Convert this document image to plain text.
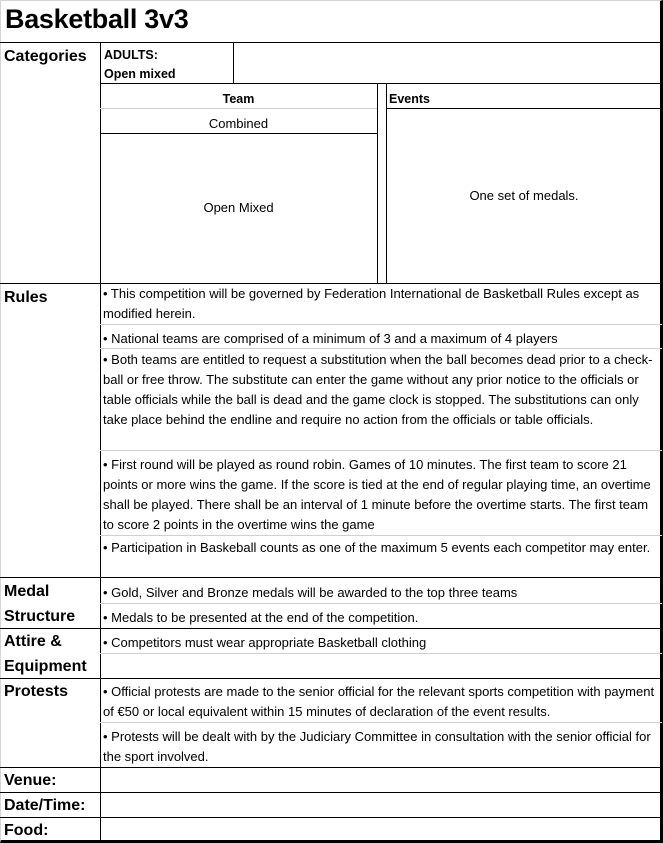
Basketball 3v3
Categories ADULTS:
Open mixed
Team
Combined
Open Mixed
Events
One set of medals.
Rules	• This competition will be governed by Federation International de Basketball Rules except as modified herein.
• National teams are comprised of a minimum of 3 and a maximum of 4 players
• Both teams are entitled to request a substitution when the ball becomes dead prior to a check-ball or free throw. The substitute can enter the game without any prior notice to the officials or table officials while the ball is dead and the game clock is stopped. The substitutions can only take place behind the endline and require no action from the officials or table officials.
• First round will be played as round robin. Games of 10 minutes. The first team to score 21 points or more wins the game. If the score is tied at the end of regular playing time, an overtime shall be played. There shall be an interval of 1 minute before the overtime starts. The first team to score 2 points in the overtime wins the game
• Participation in Baskeball counts as one of the maximum 5 events each competitor may enter.
Medal
Structure
• Gold, Silver and Bronze medals will be awarded to the top three teams
• Medals to be presented at the end of the competition.
Attire &
Equipment
• Competitors must wear appropriate Basketball clothing
Protests	• Official protests are made to the senior official for the relevant sports competition with payment of €50 or local equivalent within 15 minutes of declaration of the event results.
• Protests will be dealt with by the Judiciary Committee in consultation with the senior official for the sport involved.
Venue:
Date/Time:
Food:
